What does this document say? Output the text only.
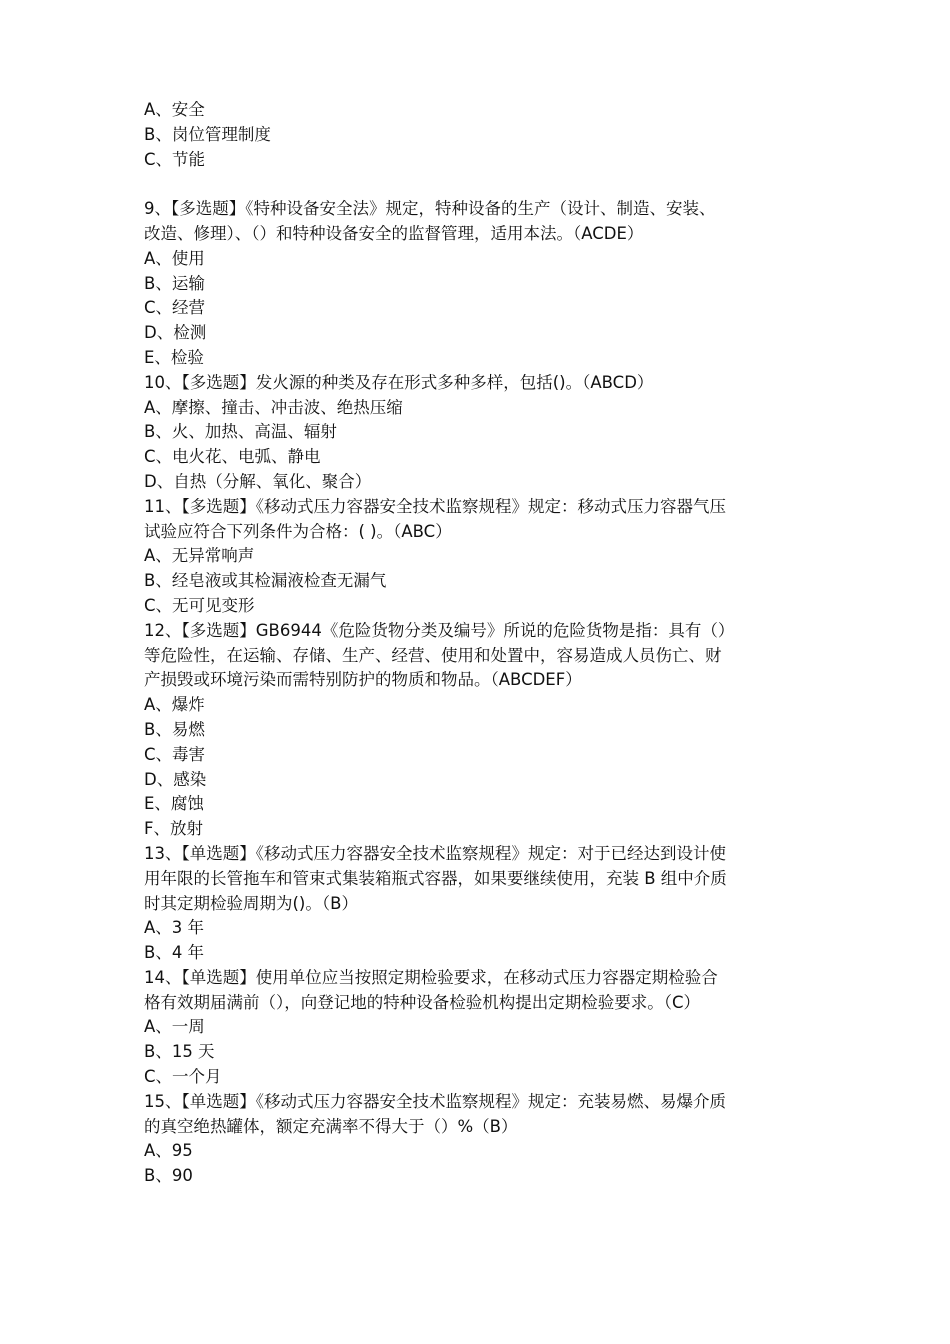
A、安全
B、岗位管理制度
C、节能
9、【多选题】《特种设备安全法》规定，特种设备的生产（设计、制造、安装、
改造、修理）、（）和特种设备安全的监督管理，适用本法。（ACDE）
A、使用
B、运输
C、经营
D、检测
E、检验
10、【多选题】发火源的种类及存在形式多种多样，包括()。（ABCD）
A、摩擦、撞击、冲击波、绝热压缩
B、火、加热、高温、辐射
C、电火花、电弧、静电
D、自热（分解、氧化、聚合）
11、【多选题】《移动式压力容器安全技术监察规程》规定：移动式压力容器气压
试验应符合下列条件为合格：( )。（ABC）
A、无异常响声
B、经皂液或其检漏液检查无漏气
C、无可见变形
12、【多选题】GB6944《危险货物分类及编号》所说的危险货物是指：具有（）
等危险性，在运输、存储、生产、经营、使用和处置中，容易造成人员伤亡、财
产损毁或环境污染而需特别防护的物质和物品。（ABCDEF）
A、爆炸
B、易燃
C、毒害
D、感染
E、腐蚀
F、放射
13、【单选题】《移动式压力容器安全技术监察规程》规定：对于已经达到设计使
用年限的长管拖车和管束式集装箱瓶式容器，如果要继续使用，充装 B 组中介质
时其定期检验周期为()。（B）
A、3 年
B、4 年
14、【单选题】使用单位应当按照定期检验要求，在移动式压力容器定期检验合
格有效期届满前（），向登记地的特种设备检验机构提出定期检验要求。（C）
A、一周
B、15 天
C、一个月
15、【单选题】《移动式压力容器安全技术监察规程》规定：充装易燃、易爆介质
的真空绝热罐体，额定充满率不得大于（）%（B）
A、95
B、90
